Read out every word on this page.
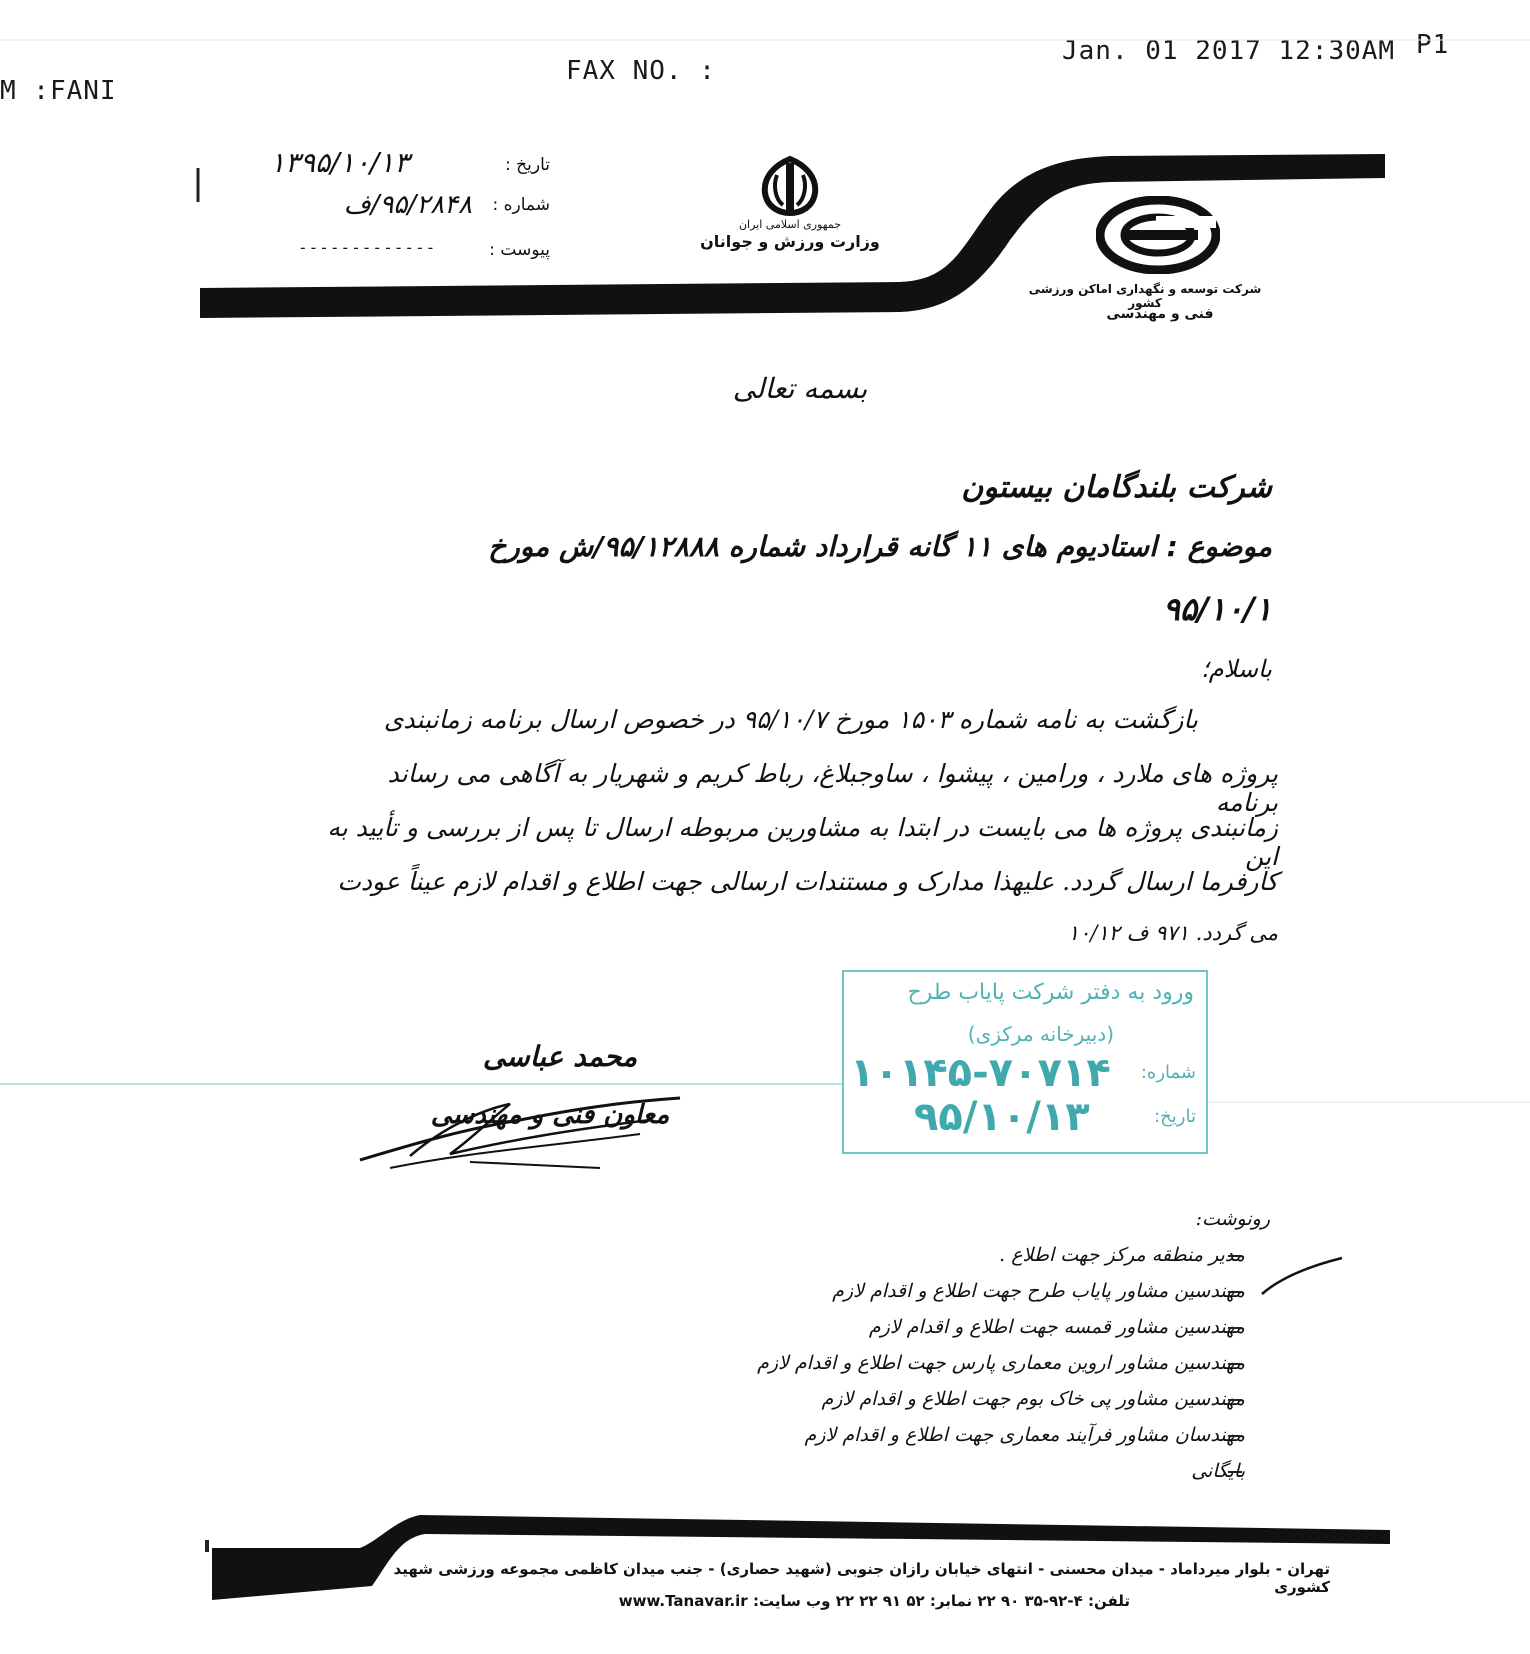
M :FANI
FAX NO. :
Jan. 01 2017 12:30AM P1
تاریخ :
۱۳۹۵/۱۰/۱۳
شماره :
۹۵/۲۸۴۸/ف
پیوست :
-------------
جمهوری اسلامی ایران
وزارت ورزش و جوانان
شرکت توسعه و نگهداری اماکن ورزشی کشور
فنی و مهندسی
بسمه تعالی
شرکت بلندگامان بیستون
موضوع : استادیوم های ۱۱ گانه قرارداد شماره ۹۵/۱۲۸۸۸/ش مورخ
۹۵/۱۰/۱
باسلام؛
بازگشت به نامه شماره ۱۵۰۳ مورخ ۹۵/۱۰/۷ در خصوص ارسال برنامه زمانبندی
پروژه های ملارد ، ورامین ، پیشوا ، ساوجبلاغ، رباط کریم و شهریار به آگاهی می رساند برنامه
زمانبندی پروژه ها می بایست در ابتدا به مشاورین مربوطه ارسال تا پس از بررسی و تأیید به این
کارفرما ارسال گردد. علیهذا مدارک و مستندات ارسالی جهت اطلاع و اقدام لازم عیناً عودت
می گردد. ۹۷۱ ف ۱۰/۱۲
محمد عباسی
معاون فنی و مهندسی
ورود به دفتر شرکت پایاب طرح
(دبیرخانه مرکزی)
شماره:
۱۰۱۴۵-۷۰۷۱۴
تاریخ:
۹۵/۱۰/۱۳
رونوشت:
مدیر منطقه مرکز جهت اطلاع .
مهندسین مشاور پایاب طرح جهت اطلاع و اقدام لازم
مهندسین مشاور قمسه جهت اطلاع و اقدام لازم
مهندسین مشاور اروین معماری پارس جهت اطلاع و اقدام لازم
مهندسین مشاور پی خاک بوم جهت اطلاع و اقدام لازم
مهندسان مشاور فرآیند معماری جهت اطلاع و اقدام لازم
بایگانی
تهران - بلوار میرداماد - میدان محسنی - انتهای خیابان رازان جنوبی (شهید حصاری) - جنب میدان کاظمی مجموعه ورزشی شهید کشوری
تلفن: ۴-۹۲-۳۵ ۹۰ ۲۲ نمابر: ۵۲ ۹۱ ۲۲ ۲۲ وب سایت: www.Tanavar.ir
